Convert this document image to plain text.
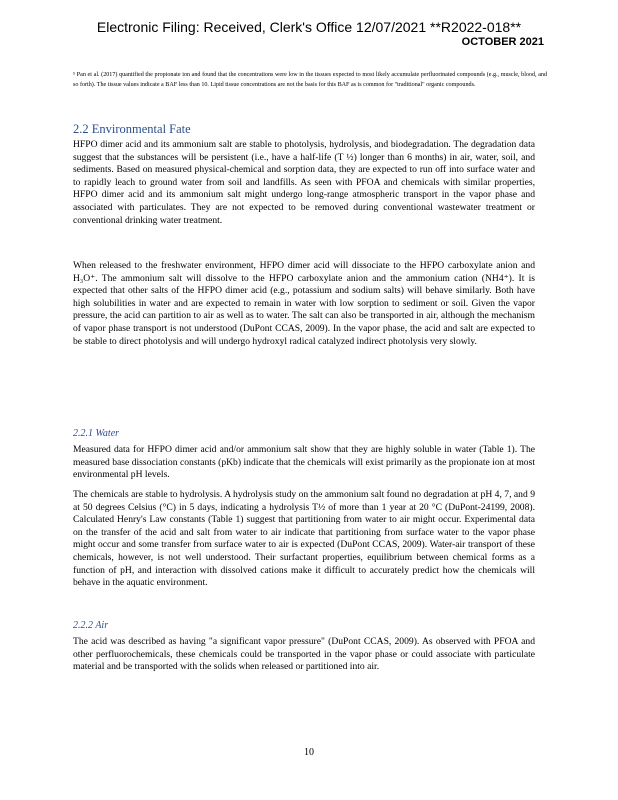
Electronic Filing: Received, Clerk's Office 12/07/2021 **R2022-018**
OCTOBER 2021
⁵ Pan et al. (2017) quantified the propionate ion and found that the concentrations were low in the tissues expected to most likely accumulate perfluorinated compounds (e.g., muscle, blood, and so forth). The tissue values indicate a BAF less than 10. Lipid tissue concentrations are not the basis for this BAF as is common for "traditional" organic compounds.
2.2 Environmental Fate

HFPO dimer acid and its ammonium salt are stable to photolysis, hydrolysis, and biodegradation. The degradation data suggest that the substances will be persistent (i.e., have a half-life (T ½) longer than 6 months) in air, water, soil, and sediments. Based on measured physical-chemical and sorption data, they are expected to run off into surface water and to rapidly leach to ground water from soil and landfills. As seen with PFOA and chemicals with similar properties, HFPO dimer acid and its ammonium salt might undergo long-range atmospheric transport in the vapor phase and associated with particulates. They are not expected to be removed during conventional wastewater treatment or conventional drinking water treatment.

When released to the freshwater environment, HFPO dimer acid will dissociate to the HFPO carboxylate anion and H₃O⁺. The ammonium salt will dissolve to the HFPO carboxylate anion and the ammonium cation (NH4⁺). It is expected that other salts of the HFPO dimer acid (e.g., potassium and sodium salts) will behave similarly. Both have high solubilities in water and are expected to remain in water with low sorption to sediment or soil. Given the vapor pressure, the acid can partition to air as well as to water. The salt can also be transported in air, although the mechanism of vapor phase transport is not understood (DuPont CCAS, 2009). In the vapor phase, the acid and salt are expected to be stable to direct photolysis and will undergo hydroxyl radical catalyzed indirect photolysis very slowly.

2.2.1 Water

Measured data for HFPO dimer acid and/or ammonium salt show that they are highly soluble in water (Table 1). The measured base dissociation constants (pKb) indicate that the chemicals will exist primarily as the propionate ion at most environmental pH levels.

The chemicals are stable to hydrolysis. A hydrolysis study on the ammonium salt found no degradation at pH 4, 7, and 9 at 50 degrees Celsius (°C) in 5 days, indicating a hydrolysis T½ of more than 1 year at 20 °C (DuPont-24199, 2008). Calculated Henry's Law constants (Table 1) suggest that partitioning from water to air might occur. Experimental data on the transfer of the acid and salt from water to air indicate that partitioning from surface water to the vapor phase might occur and some transfer from surface water to air is expected (DuPont CCAS, 2009). Water-air transport of these chemicals, however, is not well understood. Their surfactant properties, equilibrium between chemical forms as a function of pH, and interaction with dissolved cations make it difficult to accurately predict how the chemicals will behave in the aquatic environment.

2.2.2 Air

The acid was described as having "a significant vapor pressure" (DuPont CCAS, 2009). As observed with PFOA and other perfluorochemicals, these chemicals could be transported in the vapor phase or could associate with particulate material and be transported with the solids when released or partitioned into air.

10
